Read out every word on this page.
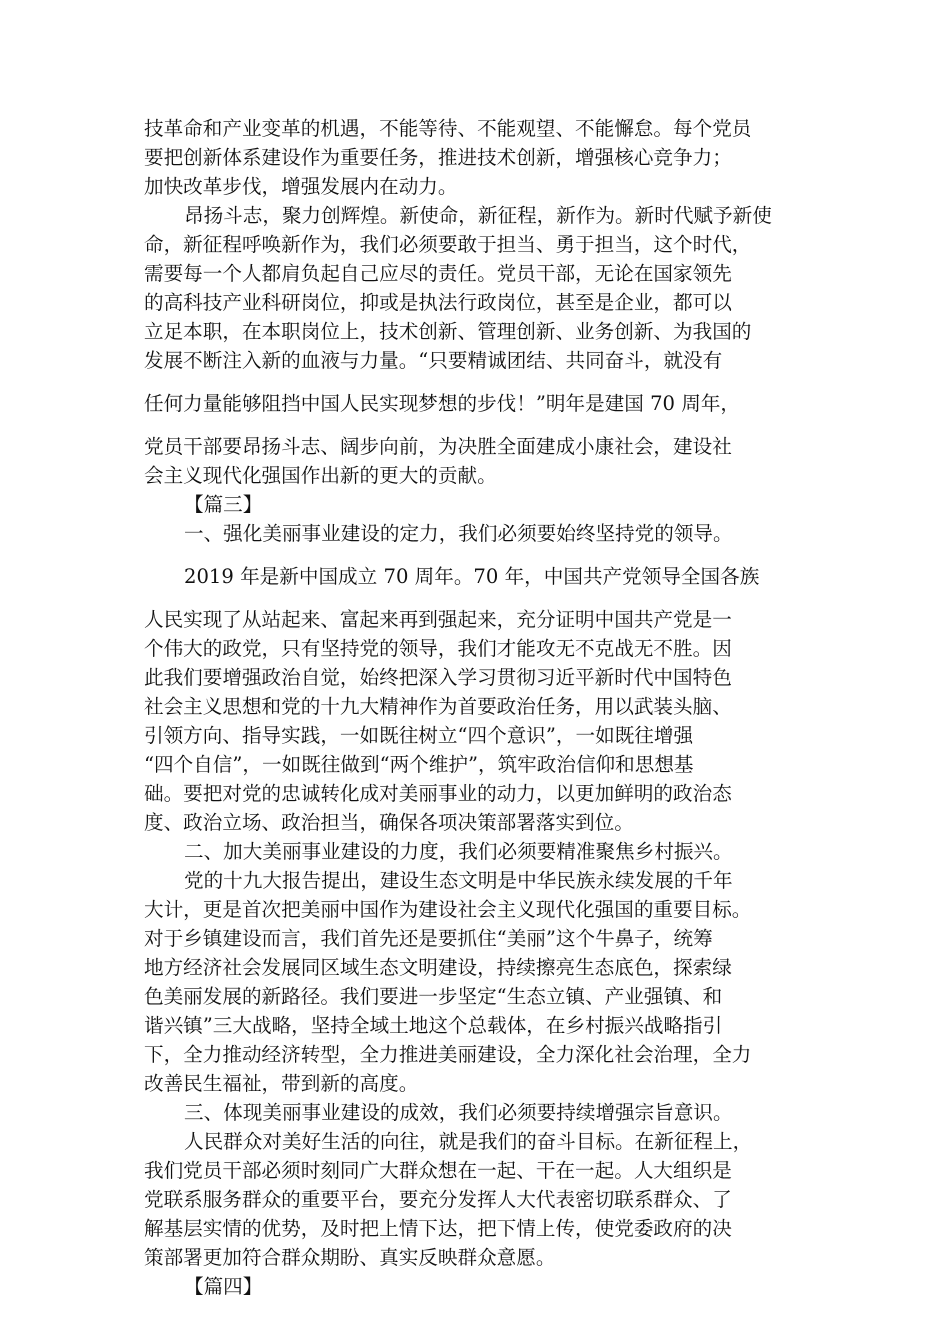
技革命和产业变革的机遇，不能等待、不能观望、不能懈怠。每个党员
要把创新体系建设作为重要任务，推进技术创新，增强核心竞争力；
加快改革步伐，增强发展内在动力。
昂扬斗志，聚力创辉煌。新使命，新征程，新作为。新时代赋予新使
命，新征程呼唤新作为，我们必须要敢于担当、勇于担当，这个时代，
需要每一个人都肩负起自己应尽的责任。党员干部，无论在国家领先
的高科技产业科研岗位，抑或是执法行政岗位，甚至是企业，都可以
立足本职，在本职岗位上，技术创新、管理创新、业务创新、为我国的
发展不断注入新的血液与力量。“只要精诚团结、共同奋斗，就没有
任何力量能够阻挡中国人民实现梦想的步伐！”明年是建国 70 周年，
党员干部要昂扬斗志、阔步向前，为决胜全面建成小康社会，建设社
会主义现代化强国作出新的更大的贡献。
【篇三】
一、强化美丽事业建设的定力，我们必须要始终坚持党的领导。
2019 年是新中国成立 70 周年。70 年，中国共产党领导全国各族
人民实现了从站起来、富起来再到强起来，充分证明中国共产党是一
个伟大的政党，只有坚持党的领导，我们才能攻无不克战无不胜。因
此我们要增强政治自觉，始终把深入学习贯彻习近平新时代中国特色
社会主义思想和党的十九大精神作为首要政治任务，用以武装头脑、
引领方向、指导实践，一如既往树立“四个意识”，一如既往增强
“四个自信”，一如既往做到“两个维护”，筑牢政治信仰和思想基
础。要把对党的忠诚转化成对美丽事业的动力，以更加鲜明的政治态
度、政治立场、政治担当，确保各项决策部署落实到位。
二、加大美丽事业建设的力度，我们必须要精准聚焦乡村振兴。
党的十九大报告提出，建设生态文明是中华民族永续发展的千年
大计，更是首次把美丽中国作为建设社会主义现代化强国的重要目标。
对于乡镇建设而言，我们首先还是要抓住“美丽”这个牛鼻子，统筹
地方经济社会发展同区域生态文明建设，持续擦亮生态底色，探索绿
色美丽发展的新路径。我们要进一步坚定“生态立镇、产业强镇、和
谐兴镇”三大战略，坚持全域土地这个总载体，在乡村振兴战略指引
下，全力推动经济转型，全力推进美丽建设，全力深化社会治理，全力
改善民生福祉，带到新的高度。
三、体现美丽事业建设的成效，我们必须要持续增强宗旨意识。
人民群众对美好生活的向往，就是我们的奋斗目标。在新征程上，
我们党员干部必须时刻同广大群众想在一起、干在一起。人大组织是
党联系服务群众的重要平台，要充分发挥人大代表密切联系群众、了
解基层实情的优势，及时把上情下达，把下情上传，使党委政府的决
策部署更加符合群众期盼、真实反映群众意愿。
【篇四】
